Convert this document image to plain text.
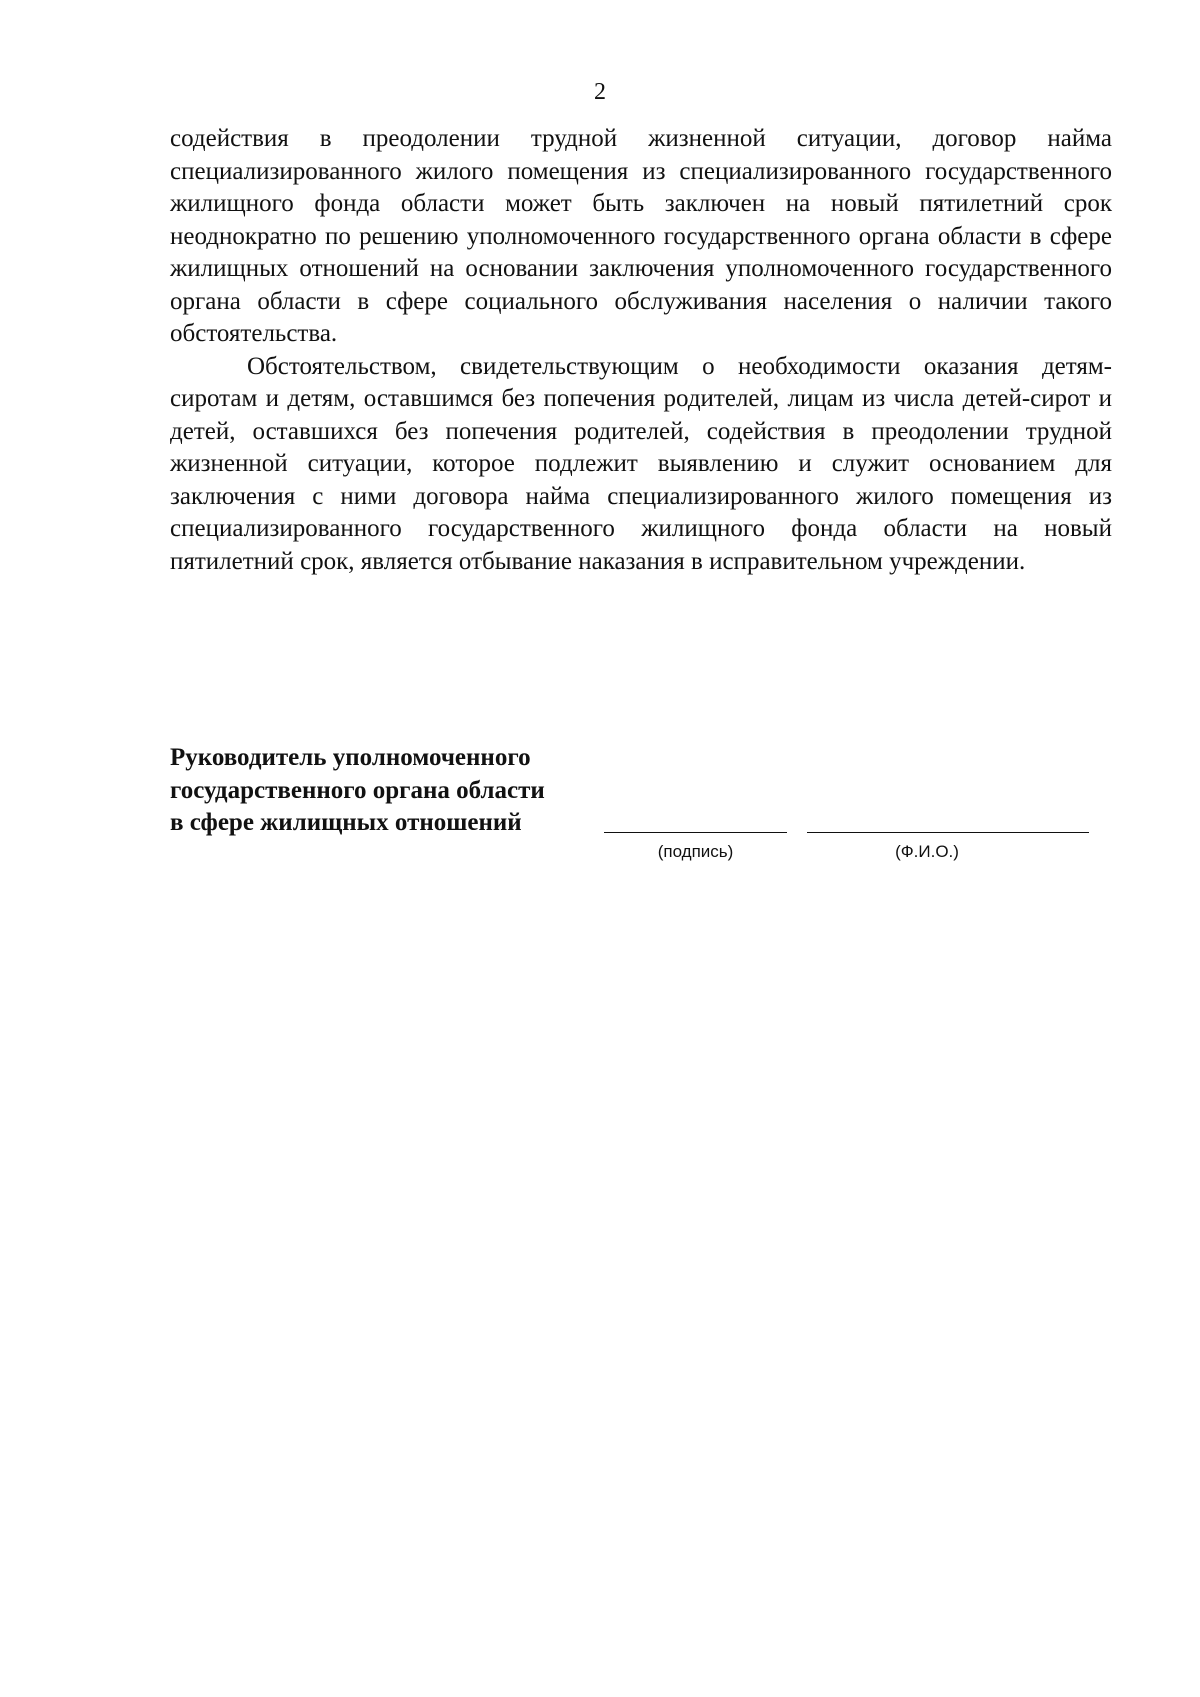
2

содействия в преодолении трудной жизненной ситуации, договор найма специализированного жилого помещения из специализированного государственного жилищного фонда области может быть заключен на новый пятилетний срок неоднократно по решению уполномоченного государственного органа области в сфере жилищных отношений на основании заключения уполномоченного государственного органа области в сфере социального обслуживания населения о наличии такого обстоятельства.

Обстоятельством, свидетельствующим о необходимости оказания детям-сиротам и детям, оставшимся без попечения родителей, лицам из числа детей-сирот и детей, оставшихся без попечения родителей, содействия в преодолении трудной жизненной ситуации, которое подлежит выявлению и служит основанием для заключения с ними договора найма специализированного жилого помещения из специализированного государственного жилищного фонда области на новый пятилетний срок, является отбывание наказания в исправительном учреждении.

Руководитель уполномоченного
государственного органа области
в сфере жилищных отношений
(подпись)	(Ф.И.О.)
